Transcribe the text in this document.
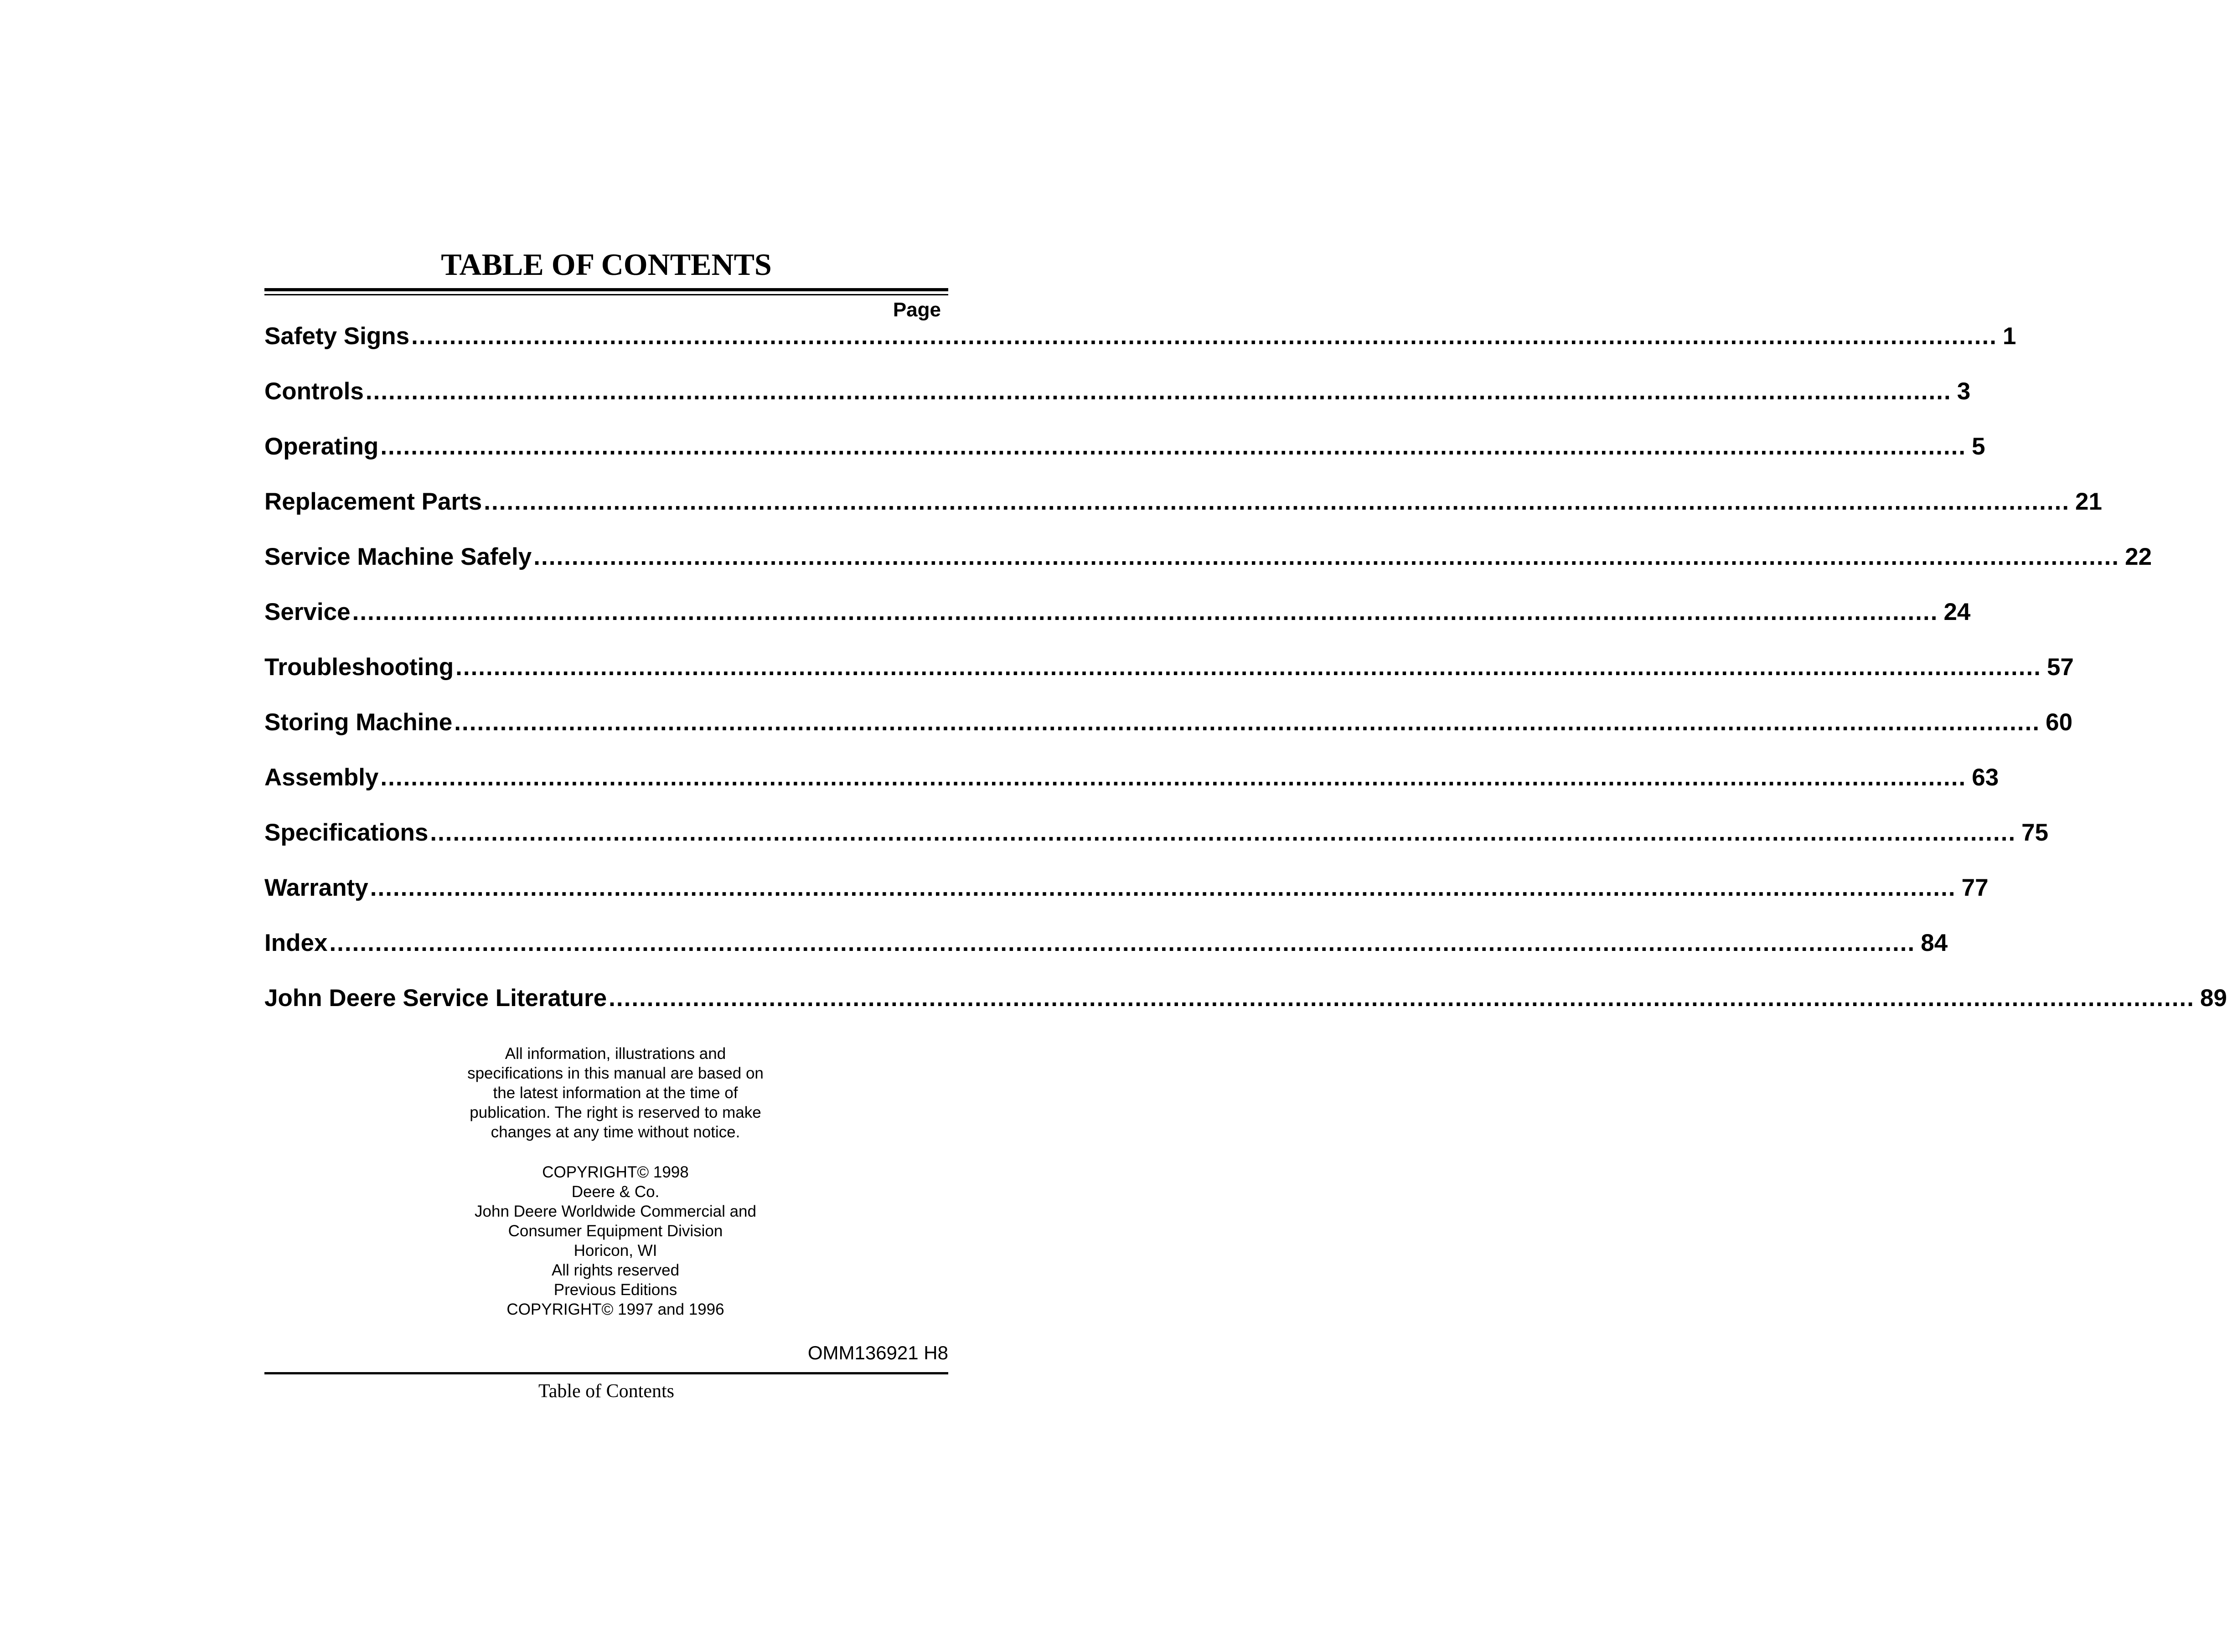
TABLE OF CONTENTS
Page
Safety Signs ................................................................................................................................................................................................................ 1
Controls ................................................................................................................................................................................................................ 3
Operating ................................................................................................................................................................................................................ 5
Replacement Parts ................................................................................................................................................................................................................ 21
Service Machine Safely ................................................................................................................................................................................................................ 22
Service ................................................................................................................................................................................................................ 24
Troubleshooting ................................................................................................................................................................................................................ 57
Storing Machine ................................................................................................................................................................................................................ 60
Assembly ................................................................................................................................................................................................................ 63
Specifications ................................................................................................................................................................................................................ 75
Warranty ................................................................................................................................................................................................................ 77
Index ................................................................................................................................................................................................................ 84
John Deere Service Literature ................................................................................................................................................................................................................ 89
All information, illustrations and
specifications in this manual are based on
the latest information at the time of
publication. The right is reserved to make
changes at any time without notice.
COPYRIGHT© 1998
Deere & Co.
John Deere Worldwide Commercial and
Consumer Equipment Division
Horicon, WI
All rights reserved
Previous Editions
COPYRIGHT© 1997 and 1996
OMM136921 H8
Table of Contents
